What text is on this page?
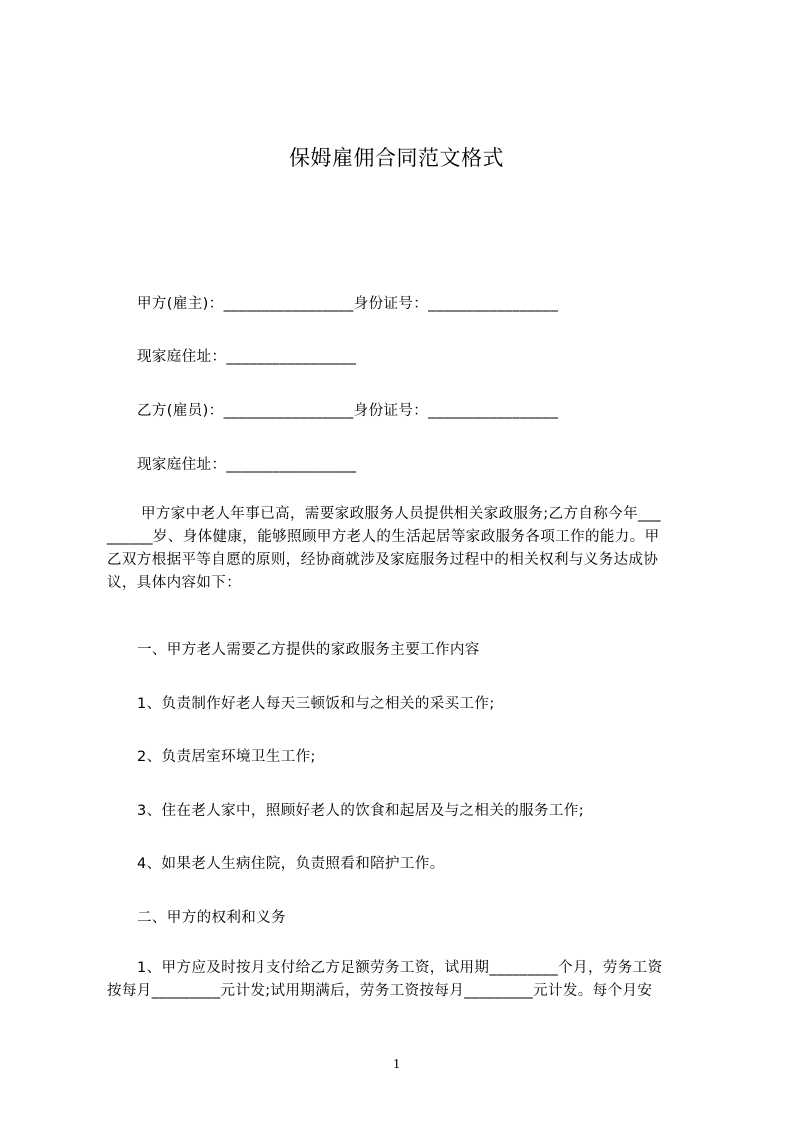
保姆雇佣合同范文格式
甲方(雇主)：_________________身份证号：_________________
现家庭住址：_________________
乙方(雇员)：_________________身份证号：_________________
现家庭住址：_________________
甲方家中老人年事已高，需要家政服务人员提供相关家政服务;乙方自称今年___
______岁、身体健康，能够照顾甲方老人的生活起居等家政服务各项工作的能力。甲
乙双方根据平等自愿的原则，经协商就涉及家庭服务过程中的相关权利与义务达成协
议，具体内容如下：
一、甲方老人需要乙方提供的家政服务主要工作内容
1、负责制作好老人每天三顿饭和与之相关的采买工作;
2、负责居室环境卫生工作;
3、住在老人家中，照顾好老人的饮食和起居及与之相关的服务工作;
4、如果老人生病住院，负责照看和陪护工作。
二、甲方的权利和义务
1、甲方应及时按月支付给乙方足额劳务工资，试用期_________个月，劳务工资
按每月_________元计发;试用期满后，劳务工资按每月_________元计发。每个月安
1
